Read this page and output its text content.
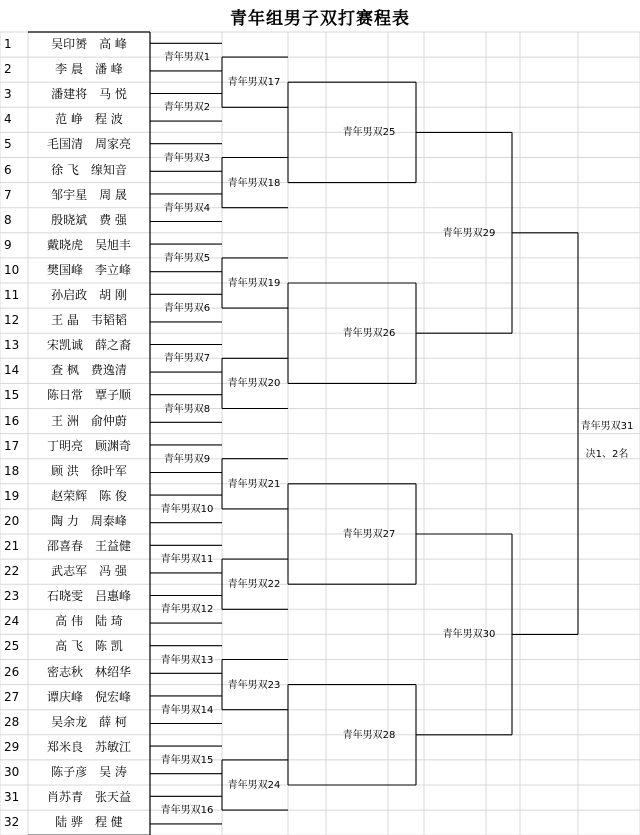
青年组男子双打赛程表
1	吴印赟　高 峰
2	李 晨　潘 峰
3	潘建将　马 悦
4	范 峥　程 波
5	毛国清　周家亮
6	徐 飞　缐知音
7	邹宇星　周 晟
8	殷晓斌　费 强
9	戴晓虎　吴旭丰
10	樊国峰　李立峰
11	孙启政　胡 刚
12	王 晶　韦韬韬
13	宋凯诚　薛之裔
14	查 枫　费逸清
15	陈日常　覃子顺
16	王 洲　俞仲蔚
17	丁明亮　顾渊奇
18	顾 洪　徐叶军
19	赵荣辉　陈 俊
20	陶 力　周泰峰
21	邵喜春　王益健
22	武志军　冯 强
23	石晓雯　吕惠峰
24	高 伟　陆 琦
25	高 飞　陈 凯
26	密志秋　林绍华
27	谭庆峰　倪宏峰
28	吴余龙　薛 柯
29	郑米良　苏敏江
30	陈子彦　吴 涛
31	肖苏青　张天益
32	陆 骅　程 健
青年男双1
青年男双2
青年男双3
青年男双4
青年男双5
青年男双6
青年男双7
青年男双8
青年男双9
青年男双10
青年男双11
青年男双12
青年男双13
青年男双14
青年男双15
青年男双16
青年男双17
青年男双18
青年男双19
青年男双20
青年男双21
青年男双22
青年男双23
青年男双24
青年男双25
青年男双26
青年男双27
青年男双28
青年男双29
青年男双30
青年男双31
决1、2名
